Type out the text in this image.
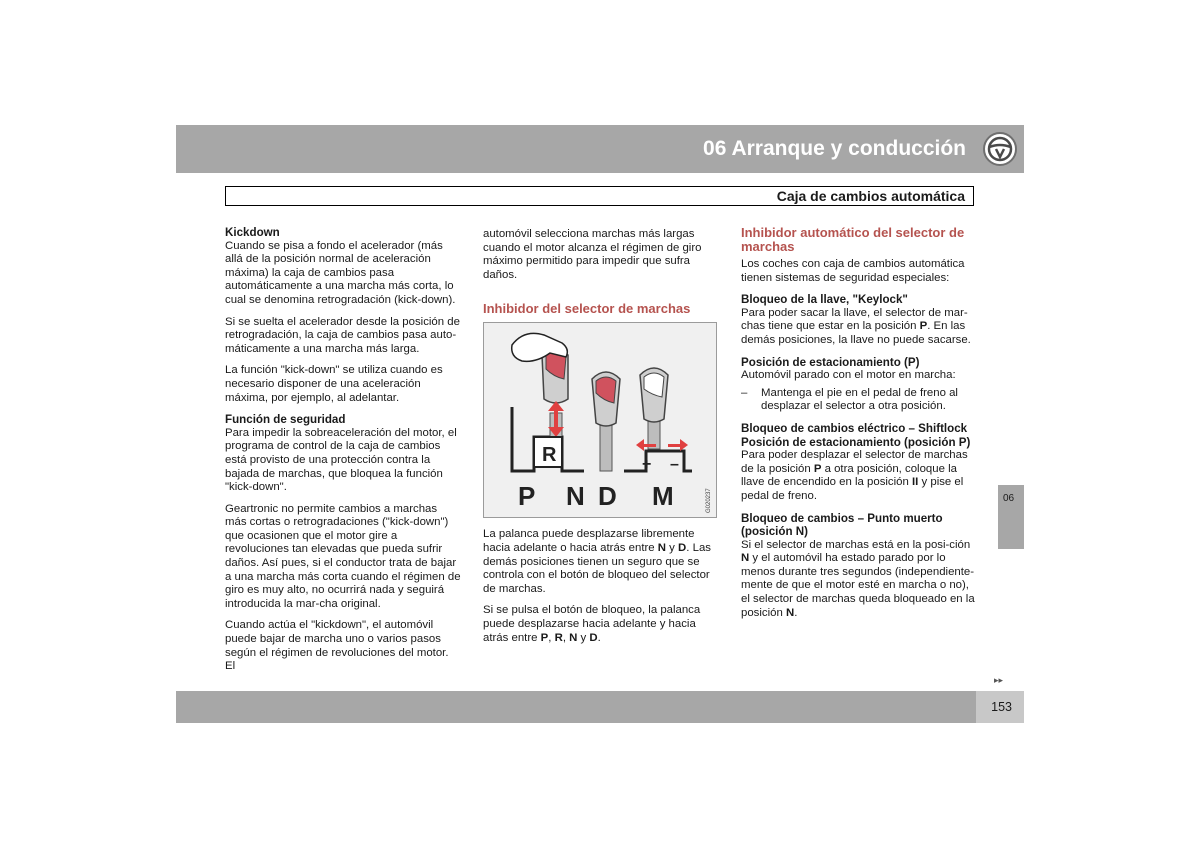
06 Arranque y conducción
Caja de cambios automática
Kickdown

Cuando se pisa a fondo el acelerador (más allá de la posición normal de aceleración máxima) la caja de cambios pasa automáticamente a una marcha más corta, lo cual se denomina retrogradación (kick-down).

Si se suelta el acelerador desde la posición de retrogradación, la caja de cambios pasa auto-máticamente a una marcha más larga.

La función "kick-down" se utiliza cuando es necesario disponer de una aceleración máxima, por ejemplo, al adelantar.

Función de seguridad

Para impedir la sobreaceleración del motor, el programa de control de la caja de cambios está provisto de una protección contra la bajada de marchas, que bloquea la función "kick-down".

Geartronic no permite cambios a marchas más cortas o retrogradaciones ("kick-down") que ocasionen que el motor gire a revoluciones tan elevadas que pueda sufrir daños. Así pues, si el conductor trata de bajar a una marcha más corta cuando el régimen de giro es muy alto, no ocurrirá nada y seguirá introducida la mar-cha original.

Cuando actúa el "kickdown", el automóvil puede bajar de marcha uno o varios pasos según el régimen de revoluciones del motor. El

automóvil selecciona marchas más largas cuando el motor alcanza el régimen de giro máximo permitido para impedir que sufra daños.

Inhibidor del selector de marchas
R	+ –
P N D M	G020237

La palanca puede desplazarse libremente hacia adelante o hacia atrás entre N y D. Las demás posiciones tienen un seguro que se controla con el botón de bloqueo del selector de marchas.

Si se pulsa el botón de bloqueo, la palanca puede desplazarse hacia adelante y hacia atrás entre P, R, N y D.

Inhibidor automático del selector de marchas

Los coches con caja de cambios automática tienen sistemas de seguridad especiales:

Bloqueo de la llave, "Keylock"

Para poder sacar la llave, el selector de mar-chas tiene que estar en la posición P. En las demás posiciones, la llave no puede sacarse.

Posición de estacionamiento (P)

Automóvil parado con el motor en marcha:

–	Mantenga el pie en el pedal de freno al desplazar el selector a otra posición.
Bloqueo de cambios eléctrico – Shiftlock
Posición de estacionamiento (posición P)

Para poder desplazar el selector de marchas de la posición P a otra posición, coloque la llave de encendido en la posición II y pise el pedal de freno.

Bloqueo de cambios – Punto muerto (posición N)

Si el selector de marchas está en la posi-ción N y el automóvil ha estado parado por lo menos durante tres segundos (independiente-mente de que el motor esté en marcha o no), el selector de marchas queda bloqueado en la posición N.

06
▸▸
153
